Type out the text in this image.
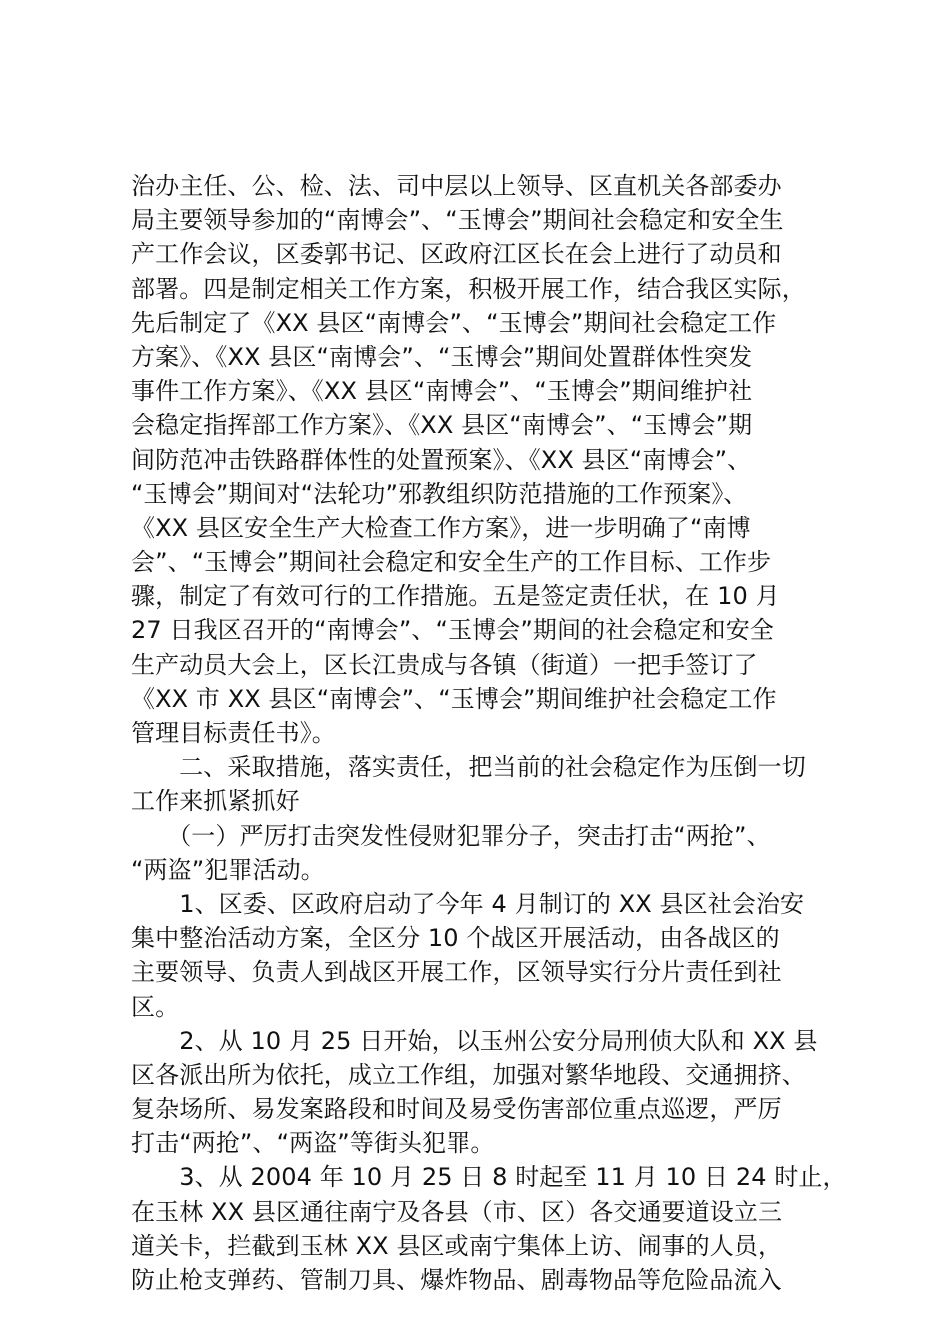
治办主任、公、检、法、司中层以上领导、区直机关各部委办
局主要领导参加的“南博会”、“玉博会”期间社会稳定和安全生
产工作会议，区委郭书记、区政府江区长在会上进行了动员和
部署。四是制定相关工作方案，积极开展工作，结合我区实际，
先后制定了《XX 县区“南博会”、“玉博会”期间社会稳定工作
方案》、《XX 县区“南博会”、“玉博会”期间处置群体性突发
事件工作方案》、《XX 县区“南博会”、“玉博会”期间维护社
会稳定指挥部工作方案》、《XX 县区“南博会”、“玉博会”期
间防范冲击铁路群体性的处置预案》、《XX 县区“南博会”、
“玉博会”期间对“法轮功”邪教组织防范措施的工作预案》、
《XX 县区安全生产大检查工作方案》，进一步明确了“南博
会”、“玉博会”期间社会稳定和安全生产的工作目标、工作步
骤，制定了有效可行的工作措施。五是签定责任状，在 10 月
27 日我区召开的“南博会”、“玉博会”期间的社会稳定和安全
生产动员大会上，区长江贵成与各镇（街道）一把手签订了
《XX 市 XX 县区“南博会”、“玉博会”期间维护社会稳定工作
管理目标责任书》。
　　二、采取措施，落实责任，把当前的社会稳定作为压倒一切
工作来抓紧抓好
　　（一）严厉打击突发性侵财犯罪分子，突击打击“两抢”、
“两盗”犯罪活动。
　　1、区委、区政府启动了今年 4 月制订的 XX 县区社会治安
集中整治活动方案，全区分 10 个战区开展活动，由各战区的
主要领导、负责人到战区开展工作，区领导实行分片责任到社
区。
　　2、从 10 月 25 日开始，以玉州公安分局刑侦大队和 XX 县
区各派出所为依托，成立工作组，加强对繁华地段、交通拥挤、
复杂场所、易发案路段和时间及易受伤害部位重点巡逻，严厉
打击“两抢”、“两盗”等街头犯罪。
　　3、从 2004 年 10 月 25 日 8 时起至 11 月 10 日 24 时止，
在玉林 XX 县区通往南宁及各县（市、区）各交通要道设立三
道关卡，拦截到玉林 XX 县区或南宁集体上访、闹事的人员，
防止枪支弹药、管制刀具、爆炸物品、剧毒物品等危险品流入
